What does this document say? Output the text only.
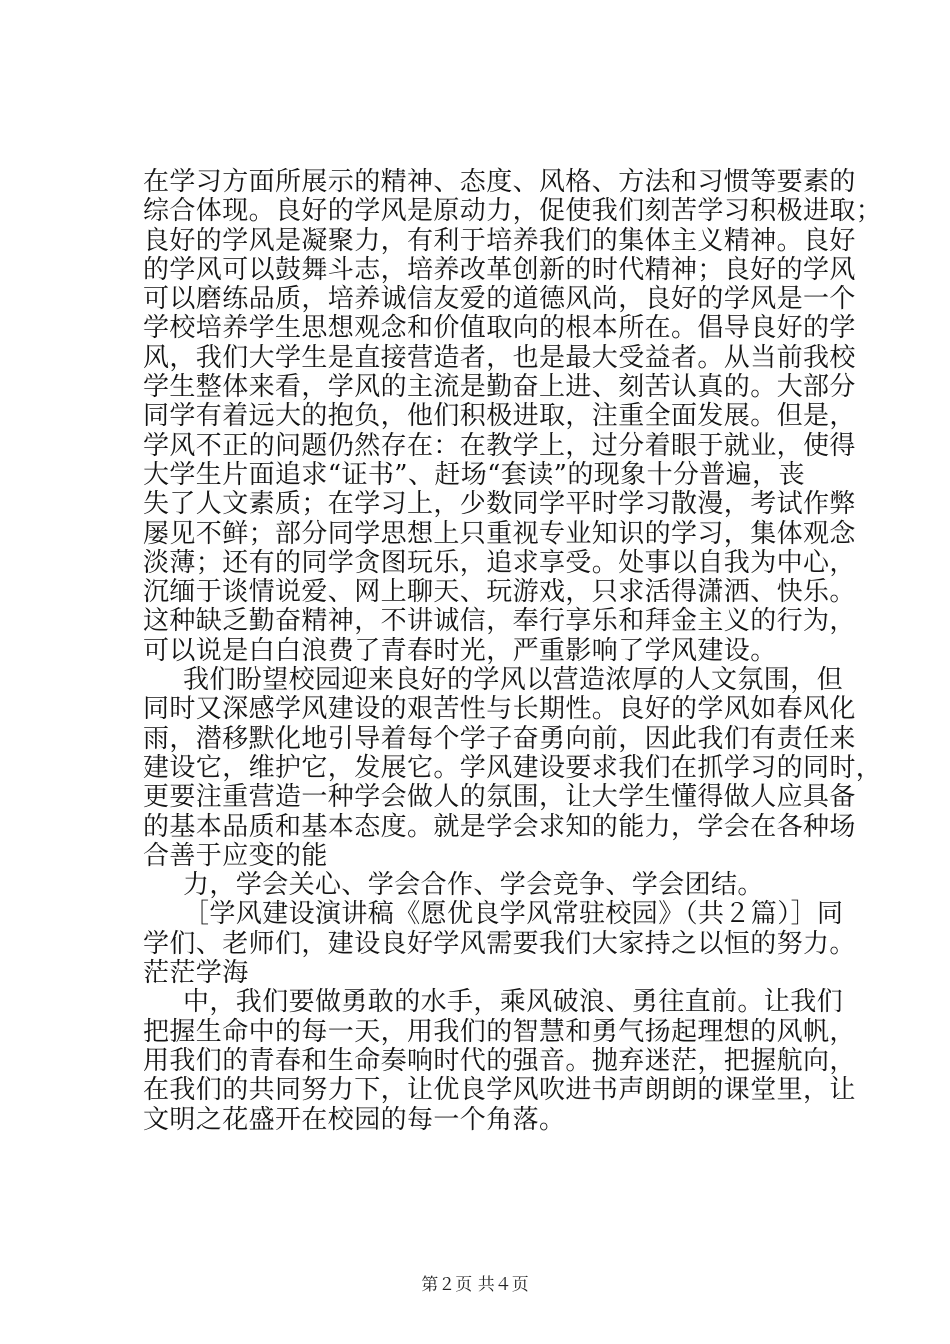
在学习方面所展示的精神、态度、风格、方法和习惯等要素的
综合体现。良好的学风是原动力，促使我们刻苦学习积极进取；
良好的学风是凝聚力，有利于培养我们的集体主义精神。良好
的学风可以鼓舞斗志，培养改革创新的时代精神；良好的学风
可以磨练品质，培养诚信友爱的道德风尚，良好的学风是一个
学校培养学生思想观念和价值取向的根本所在。倡导良好的学
风，我们大学生是直接营造者，也是最大受益者。从当前我校
学生整体来看，学风的主流是勤奋上进、刻苦认真的。大部分
同学有着远大的抱负，他们积极进取，注重全面发展。但是，
学风不正的问题仍然存在：在教学上，过分着眼于就业，使得
大学生片面追求“证书”、赶场“套读”的现象十分普遍，丧
失了人文素质；在学习上，少数同学平时学习散漫，考试作弊
屡见不鲜；部分同学思想上只重视专业知识的学习，集体观念
淡薄；还有的同学贪图玩乐，追求享受。处事以自我为中心，
沉缅于谈情说爱、网上聊天、玩游戏，只求活得潇洒、快乐。
这种缺乏勤奋精神，不讲诚信，奉行享乐和拜金主义的行为，
可以说是白白浪费了青春时光，严重影响了学风建设。
我们盼望校园迎来良好的学风以营造浓厚的人文氛围，但
同时又深感学风建设的艰苦性与长期性。良好的学风如春风化
雨，潜移默化地引导着每个学子奋勇向前，因此我们有责任来
建设它，维护它，发展它。学风建设要求我们在抓学习的同时，
更要注重营造一种学会做人的氛围，让大学生懂得做人应具备
的基本品质和基本态度。就是学会求知的能力，学会在各种场
合善于应变的能
力，学会关心、学会合作、学会竞争、学会团结。
［学风建设演讲稿《愿优良学风常驻校园》（共２篇）］同
学们、老师们，建设良好学风需要我们大家持之以恒的努力。
茫茫学海
中，我们要做勇敢的水手，乘风破浪、勇往直前。让我们
把握生命中的每一天，用我们的智慧和勇气扬起理想的风帆，
用我们的青春和生命奏响时代的强音。抛弃迷茫，把握航向，
在我们的共同努力下，让优良学风吹进书声朗朗的课堂里，让
文明之花盛开在校园的每一个角落。
第２页 共４页
